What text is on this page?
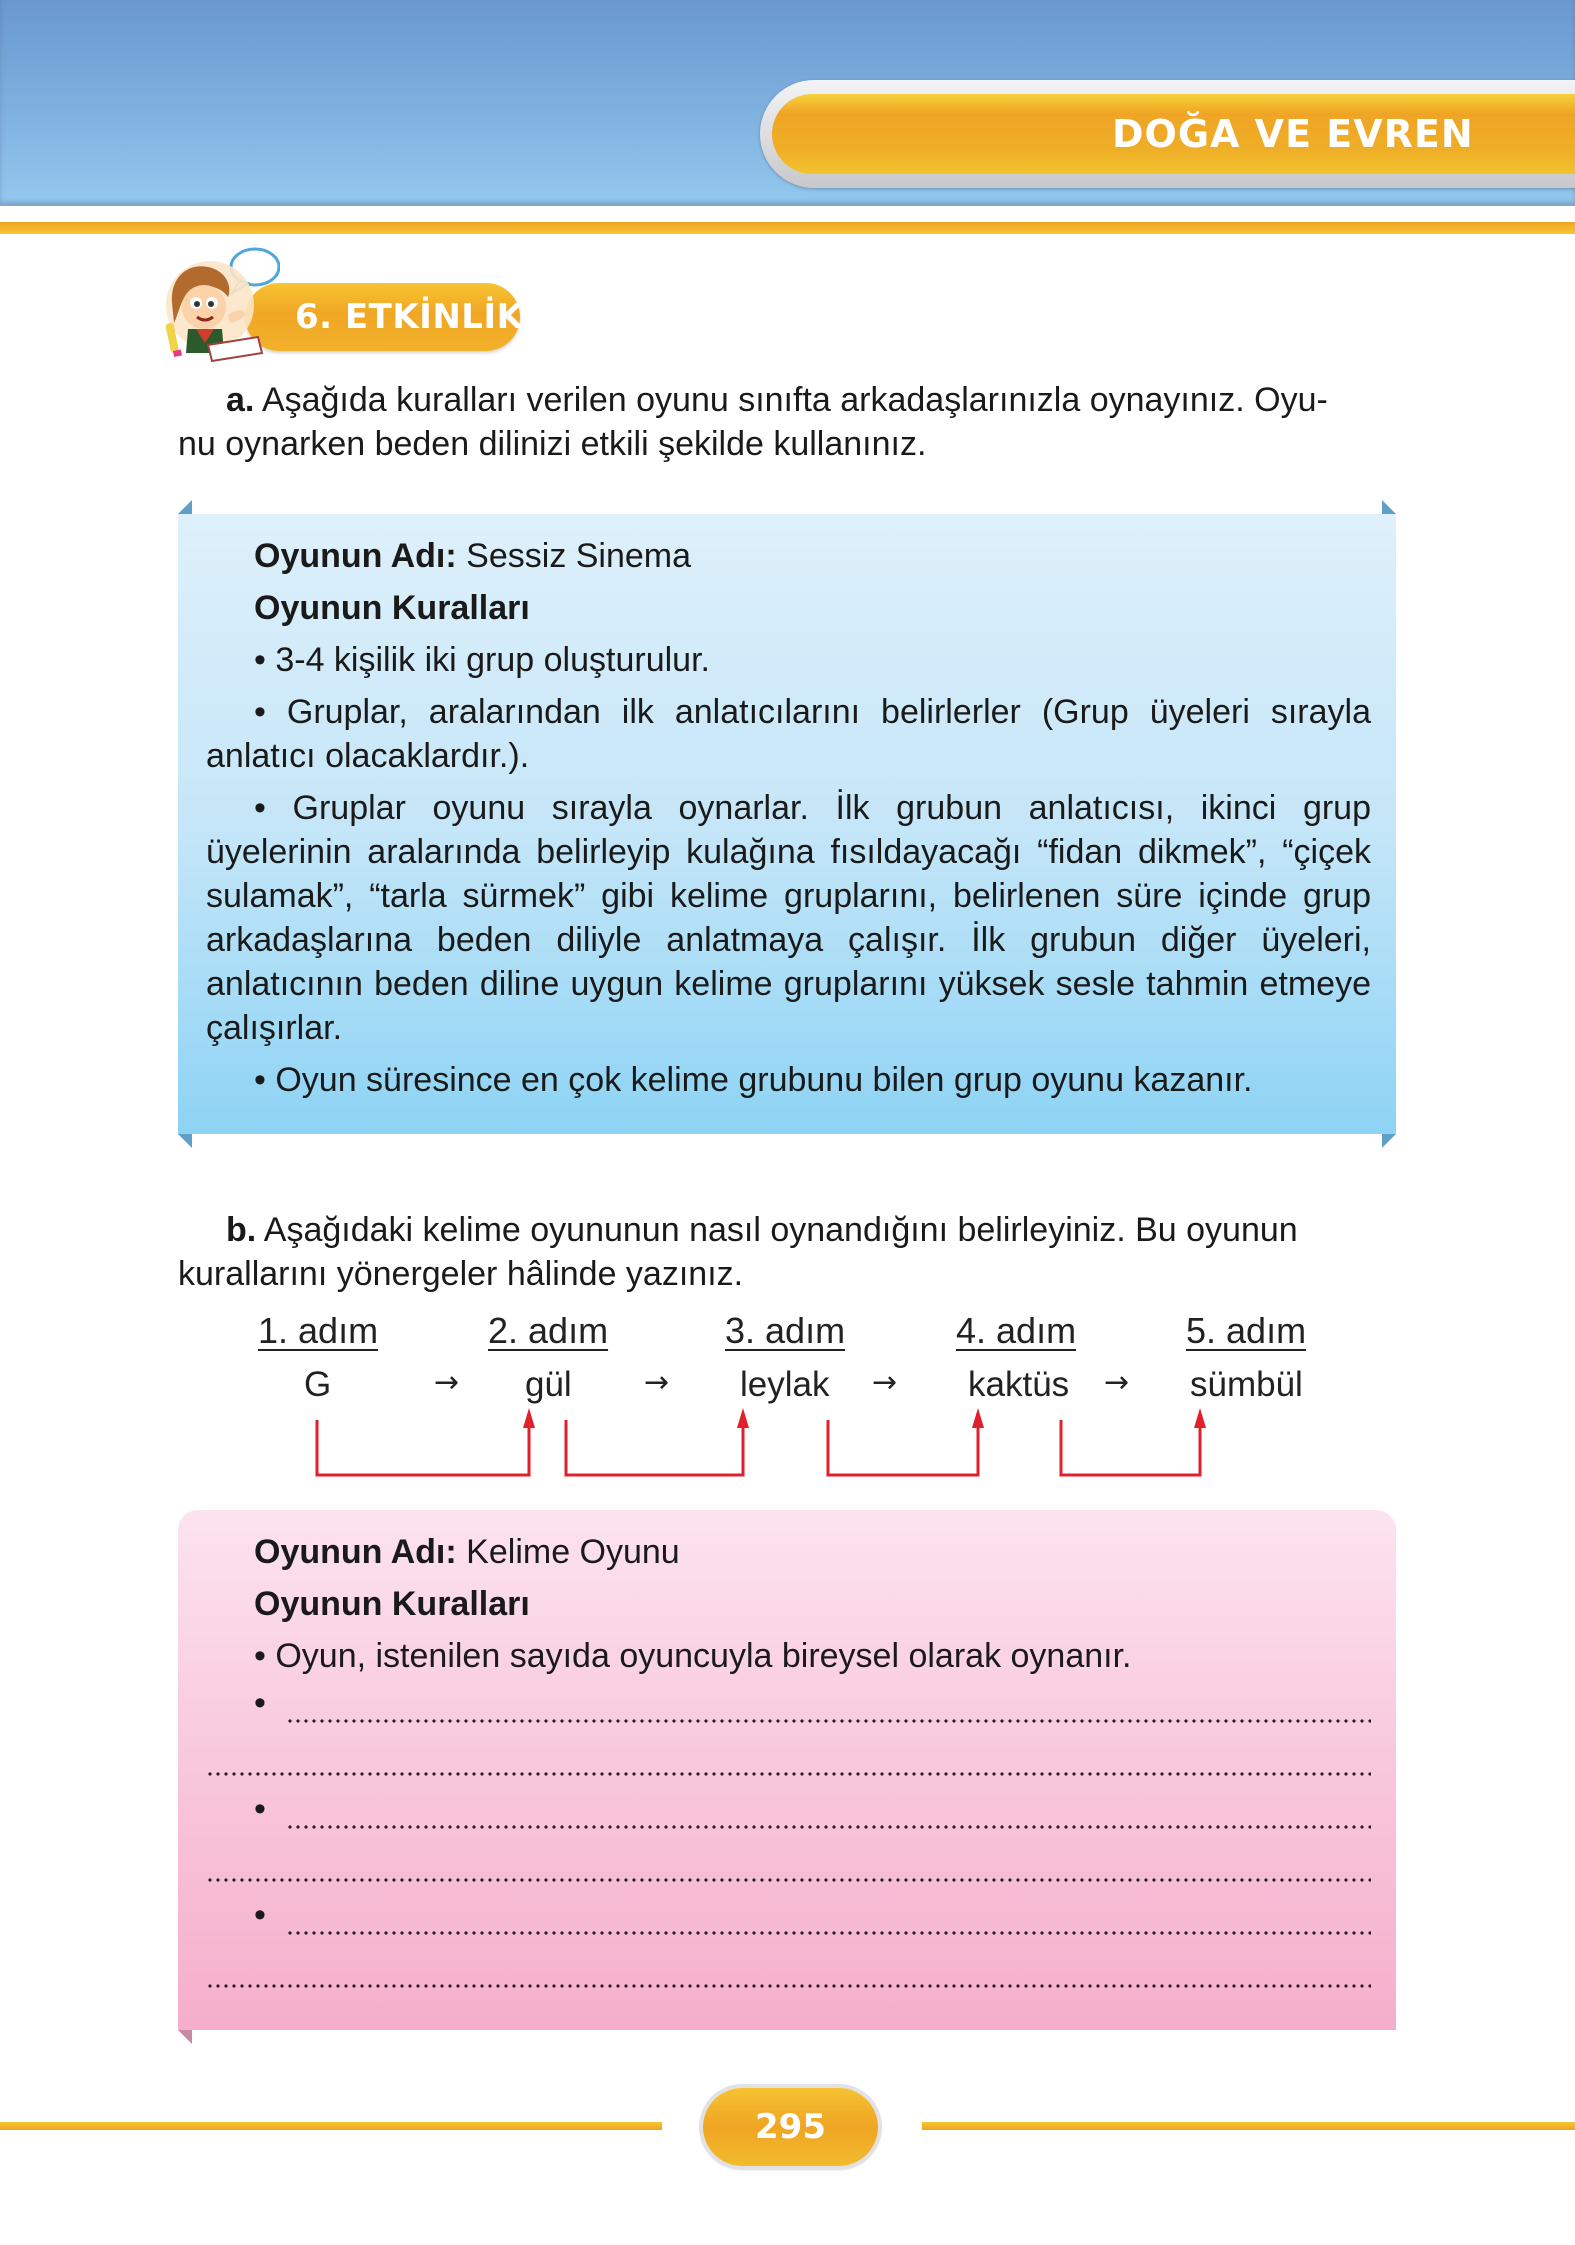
DOĞA VE EVREN
6. ETKİNLİK
a. Aşağıda kuralları verilen oyunu sınıfta arkadaşlarınızla oynayınız. Oyu-
nu oynarken beden dilinizi etkili şekilde kullanınız.

Oyunun Adı: Sessiz Sinema

Oyunun Kuralları

• 3-4 kişilik iki grup oluşturulur.

• Gruplar, aralarından ilk anlatıcılarını belirlerler (Grup üyeleri sırayla anlatıcı olacaklardır.).

• Gruplar oyunu sırayla oynarlar. İlk grubun anlatıcısı, ikinci grup üyelerinin aralarında belirleyip kulağına fısıldayacağı “fidan dikmek”, “çiçek sulamak”, “tarla sürmek” gibi kelime gruplarını, belirlenen süre içinde grup arkadaşlarına beden diliyle anlatmaya çalışır. İlk grubun diğer üyeleri, anlatıcının beden diline uygun kelime gruplarını yüksek sesle tahmin etmeye çalışırlar.

• Oyun süresince en çok kelime grubunu bilen grup oyunu kazanır.

b. Aşağıdaki kelime oyununun nasıl oynandığını belirleyiniz. Bu oyunun
kurallarını yönergeler hâlinde yazınız.
1. adım	2. adım	3. adım	4. adım	5. adım
G	→ gül → leylak → kaktüs → sümbül

Oyunun Adı: Kelime Oyunu

Oyunun Kuralları

• Oyun, istenilen sayıda oyuncuyla bireysel olarak oynanır.

•
•
•
295
